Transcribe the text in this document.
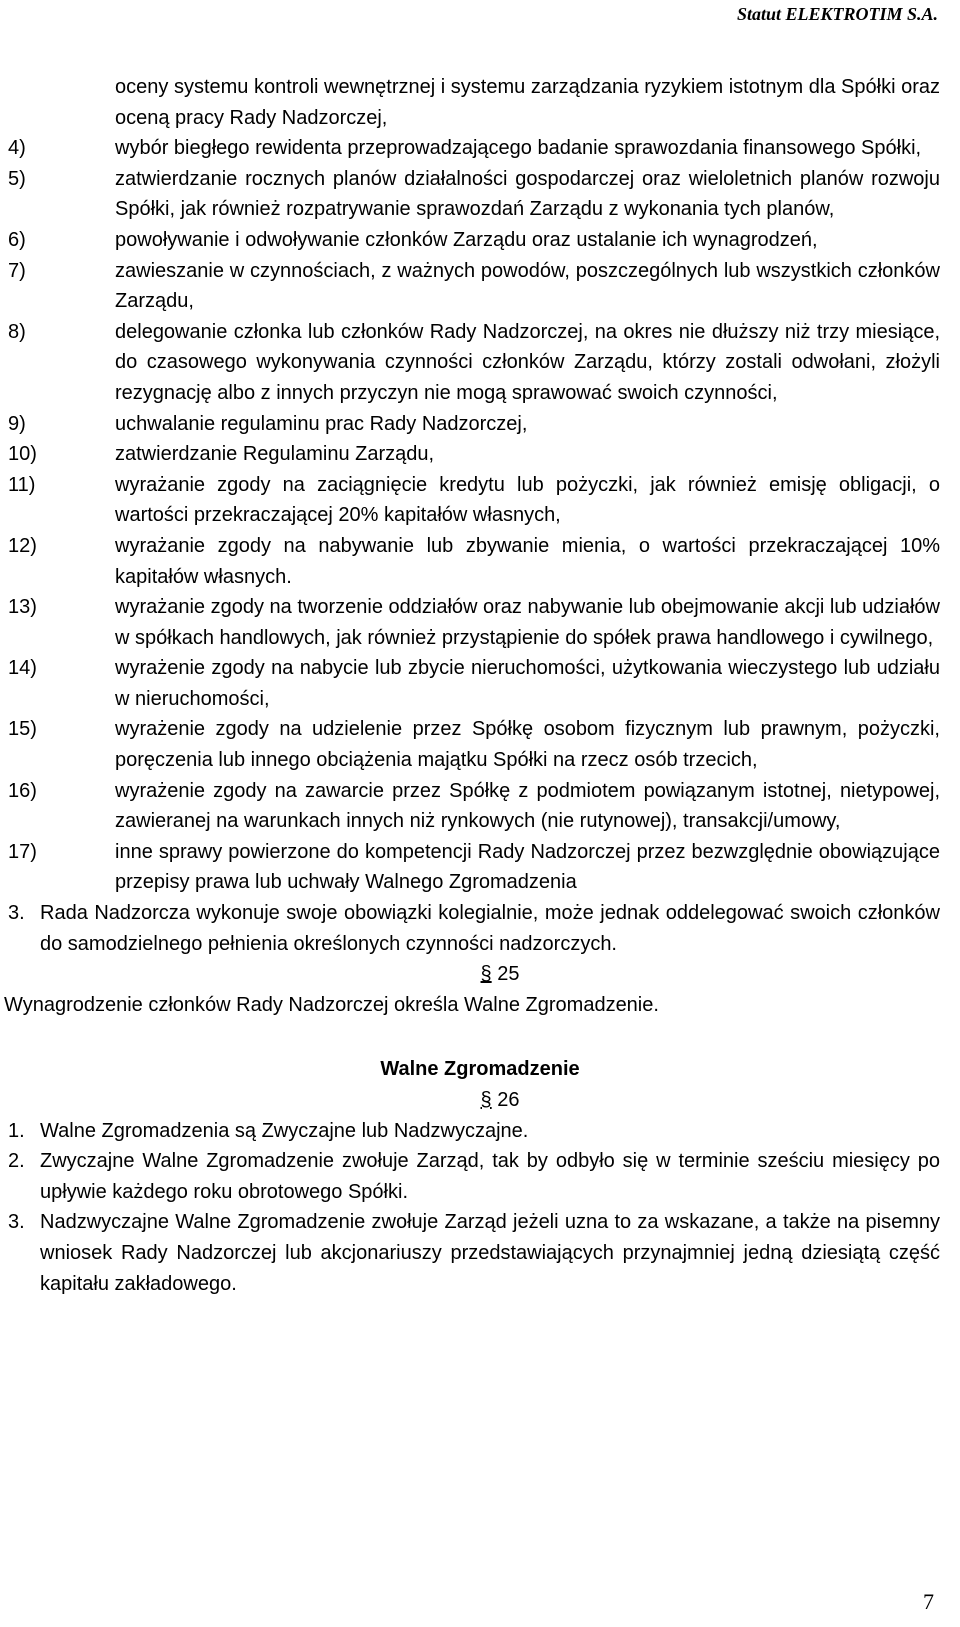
Statut ELEKTROTIM S.A.
oceny systemu kontroli wewnętrznej i systemu zarządzania ryzykiem istotnym dla Spółki oraz oceną pracy Rady Nadzorczej,
4)	wybór biegłego rewidenta przeprowadzającego badanie sprawozdania finansowego Spółki,
5)	zatwierdzanie rocznych planów działalności gospodarczej oraz wieloletnich planów rozwoju Spółki, jak również rozpatrywanie sprawozdań Zarządu z wykonania tych planów,
6)	powoływanie i odwoływanie członków Zarządu oraz ustalanie ich wynagrodzeń,
7)	zawieszanie w czynnościach, z ważnych powodów, poszczególnych lub wszystkich członków Zarządu,
8)	delegowanie członka lub członków Rady Nadzorczej, na okres nie dłuższy niż trzy miesiące, do czasowego wykonywania czynności członków Zarządu, którzy zostali odwołani, złożyli rezygnację albo z innych przyczyn nie mogą sprawować swoich czynności,
9)	uchwalanie regulaminu prac Rady Nadzorczej,
10)	zatwierdzanie Regulaminu Zarządu,
11)	wyrażanie zgody na zaciągnięcie kredytu lub pożyczki, jak również emisję obligacji, o wartości przekraczającej 20% kapitałów własnych,
12)	wyrażanie zgody na nabywanie lub zbywanie mienia, o wartości przekraczającej 10% kapitałów własnych.
13)	wyrażanie zgody na tworzenie oddziałów oraz nabywanie lub obejmowanie akcji lub udziałów w spółkach handlowych, jak również przystąpienie do spółek prawa handlowego i cywilnego,
14)	wyrażenie zgody na nabycie lub zbycie nieruchomości, użytkowania wieczystego lub udziału w nieruchomości,
15)	wyrażenie zgody na udzielenie przez Spółkę osobom fizycznym lub prawnym, pożyczki, poręczenia lub innego obciążenia majątku Spółki na rzecz osób trzecich,
16)	wyrażenie zgody na zawarcie przez Spółkę z podmiotem powiązanym istotnej, nietypowej, zawieranej na warunkach innych niż rynkowych (nie rutynowej), transakcji/umowy,
17)	inne sprawy powierzone do kompetencji Rady Nadzorczej przez bezwzględnie obowiązujące przepisy prawa lub uchwały Walnego Zgromadzenia
3. Rada Nadzorcza wykonuje swoje obowiązki kolegialnie, może jednak oddelegować swoich członków do samodzielnego pełnienia określonych czynności nadzorczych.
§ 25
Wynagrodzenie członków Rady Nadzorczej określa Walne Zgromadzenie.
Walne Zgromadzenie
§ 26
1. Walne Zgromadzenia są Zwyczajne lub Nadzwyczajne.
2. Zwyczajne Walne Zgromadzenie zwołuje Zarząd, tak by odbyło się w terminie sześciu miesięcy po upływie każdego roku obrotowego Spółki.
3. Nadzwyczajne Walne Zgromadzenie zwołuje Zarząd jeżeli uzna to za wskazane, a także na pisemny wniosek Rady Nadzorczej lub akcjonariuszy przedstawiających przynajmniej jedną dziesiątą część kapitału zakładowego.
7
